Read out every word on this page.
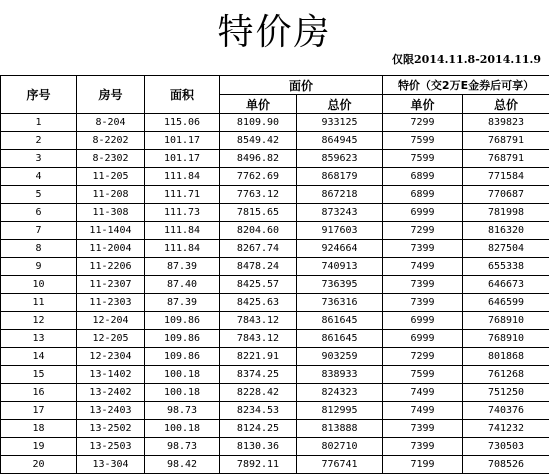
特价房
仅限2014.11.8-2014.11.9
序号	房号	面积	面价		特价（交2万E金券后可享）	
			单价	总价	单价	总价
1	8-204	115.06	8109.90	933125	7299	839823
2	8-2202	101.17	8549.42	864945	7599	768791
3	8-2302	101.17	8496.82	859623	7599	768791
4	11-205	111.84	7762.69	868179	6899	771584
5	11-208	111.71	7763.12	867218	6899	770687
6	11-308	111.73	7815.65	873243	6999	781998
7	11-1404	111.84	8204.60	917603	7299	816320
8	11-2004	111.84	8267.74	924664	7399	827504
9	11-2206	87.39	8478.24	740913	7499	655338
10	11-2307	87.40	8425.57	736395	7399	646673
11	11-2303	87.39	8425.63	736316	7399	646599
12	12-204	109.86	7843.12	861645	6999	768910
13	12-205	109.86	7843.12	861645	6999	768910
14	12-2304	109.86	8221.91	903259	7299	801868
15	13-1402	100.18	8374.25	838933	7599	761268
16	13-2402	100.18	8228.42	824323	7499	751250
17	13-2403	98.73	8234.53	812995	7499	740376
18	13-2502	100.18	8124.25	813888	7399	741232
19	13-2503	98.73	8130.36	802710	7399	730503
20	13-304	98.42	7892.11	776741	7199	708526
